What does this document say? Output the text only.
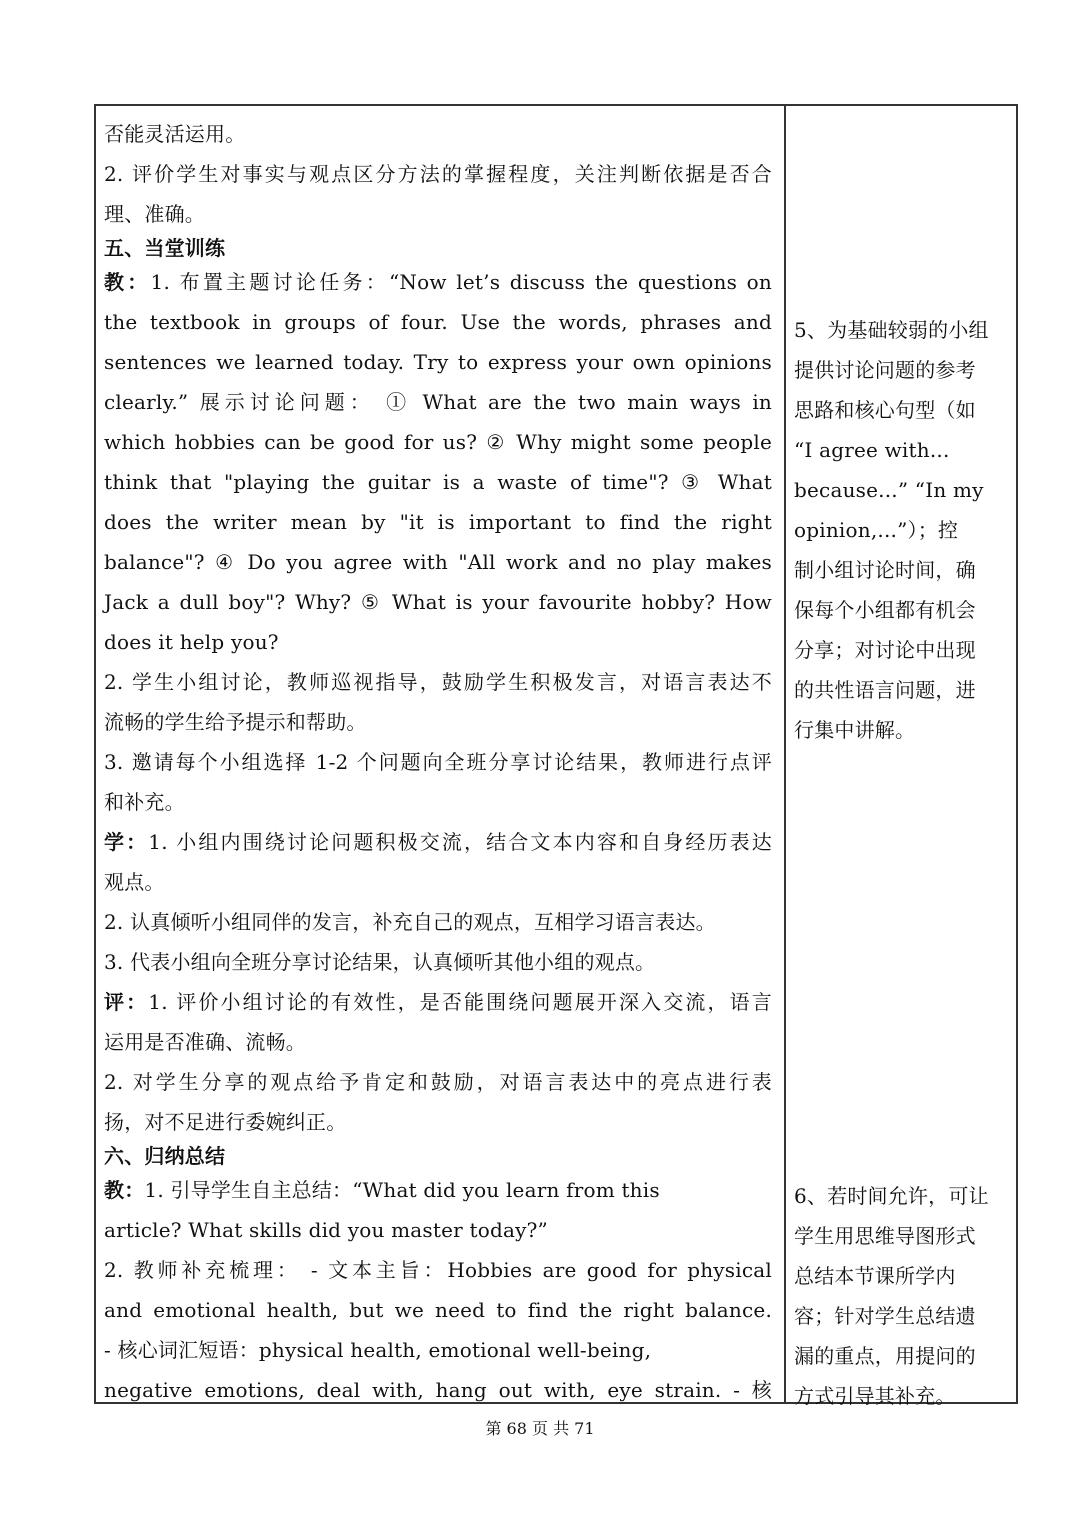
否能灵活运用。
2. 评价学生对事实与观点区分方法的掌握程度，关注判断依据是否合
理、准确。
五、当堂训练
教：1. 布置主题讨论任务：“Now let’s discuss the questions on
the textbook in groups of four. Use the words, phrases and
sentences we learned today. Try to express your own opinions
clearly.” 展示讨论问题： ① What are the two main ways in
which hobbies can be good for us? ② Why might some people
think that "playing the guitar is a waste of time"? ③ What
does the writer mean by "it is important to find the right
balance"? ④ Do you agree with "All work and no play makes
Jack a dull boy"? Why? ⑤ What is your favourite hobby? How
does it help you?
2. 学生小组讨论，教师巡视指导，鼓励学生积极发言，对语言表达不
流畅的学生给予提示和帮助。
3. 邀请每个小组选择 1-2 个问题向全班分享讨论结果，教师进行点评
和补充。
学：1. 小组内围绕讨论问题积极交流，结合文本内容和自身经历表达
观点。
2. 认真倾听小组同伴的发言，补充自己的观点，互相学习语言表达。
3. 代表小组向全班分享讨论结果，认真倾听其他小组的观点。
评：1. 评价小组讨论的有效性，是否能围绕问题展开深入交流，语言
运用是否准确、流畅。
2. 对学生分享的观点给予肯定和鼓励，对语言表达中的亮点进行表
扬，对不足进行委婉纠正。
六、归纳总结
教：1. 引导学生自主总结：“What did you learn from this
article? What skills did you master today?”
2. 教师补充梳理： - 文本主旨：Hobbies are good for physical
and emotional health, but we need to find the right balance.
- 核心词汇短语：physical health, emotional well-being,
negative emotions, deal with, hang out with, eye strain. - 核
5、为基础较弱的小组
提供讨论问题的参考
思路和核心句型（如
“I agree with...
because...” “In my
opinion,...”）；控
制小组讨论时间，确
保每个小组都有机会
分享；对讨论中出现
的共性语言问题，进
行集中讲解。
6、若时间允许，可让
学生用思维导图形式
总结本节课所学内
容；针对学生总结遗
漏的重点，用提问的
方式引导其补充。
第 68 页 共 71
